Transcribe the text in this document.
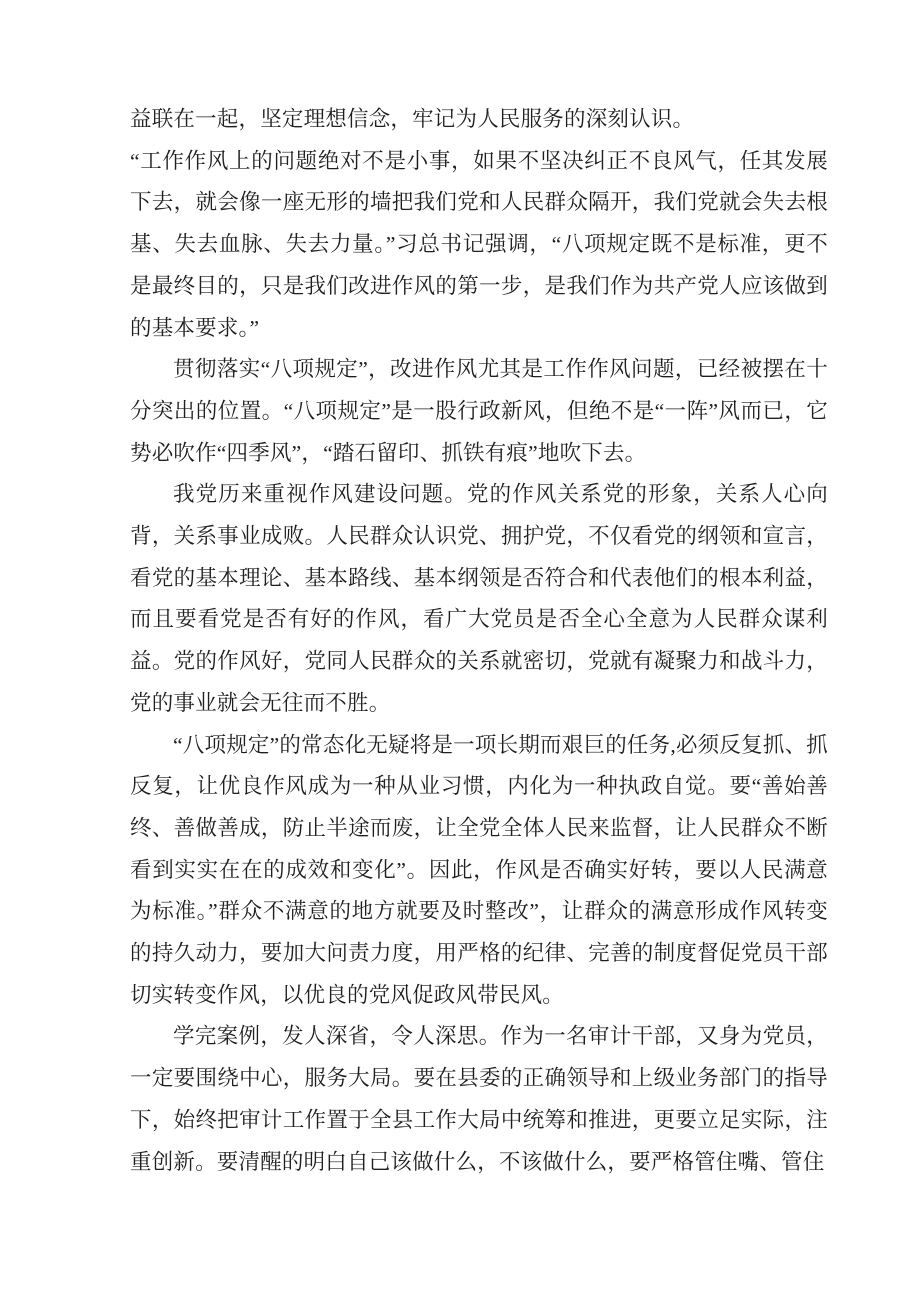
益联在一起，坚定理想信念，牢记为人民服务的深刻认识。

“工作作风上的问题绝对不是小事，如果不坚决纠正不良风气，任其发展下去，就会像一座无形的墙把我们党和人民群众隔开，我们党就会失去根基、失去血脉、失去力量。”习总书记强调，“八项规定既不是标准，更不是最终目的，只是我们改进作风的第一步，是我们作为共产党人应该做到的基本要求。”

贯彻落实“八项规定”，改进作风尤其是工作作风问题，已经被摆在十分突出的位置。“八项规定”是一股行政新风，但绝不是“一阵”风而已，它势必吹作“四季风”，“踏石留印、抓铁有痕”地吹下去。

我党历来重视作风建设问题。党的作风关系党的形象，关系人心向背，关系事业成败。人民群众认识党、拥护党，不仅看党的纲领和宣言，看党的基本理论、基本路线、基本纲领是否符合和代表他们的根本利益，而且要看党是否有好的作风，看广大党员是否全心全意为人民群众谋利益。党的作风好，党同人民群众的关系就密切，党就有凝聚力和战斗力，党的事业就会无往而不胜。

“八项规定”的常态化无疑将是一项长期而艰巨的任务,必须反复抓、抓反复，让优良作风成为一种从业习惯，内化为一种执政自觉。要“善始善终、善做善成，防止半途而废，让全党全体人民来监督，让人民群众不断看到实实在在的成效和变化”。因此，作风是否确实好转，要以人民满意为标准。”群众不满意的地方就要及时整改”，让群众的满意形成作风转变的持久动力，要加大问责力度，用严格的纪律、完善的制度督促党员干部切实转变作风，以优良的党风促政风带民风。

学完案例，发人深省，令人深思。作为一名审计干部，又身为党员，一定要围绕中心，服务大局。要在县委的正确领导和上级业务部门的指导下，始终把审计工作置于全县工作大局中统筹和推进，更要立足实际，注重创新。要清醒的明白自己该做什么，不该做什么，要严格管住嘴、管住
